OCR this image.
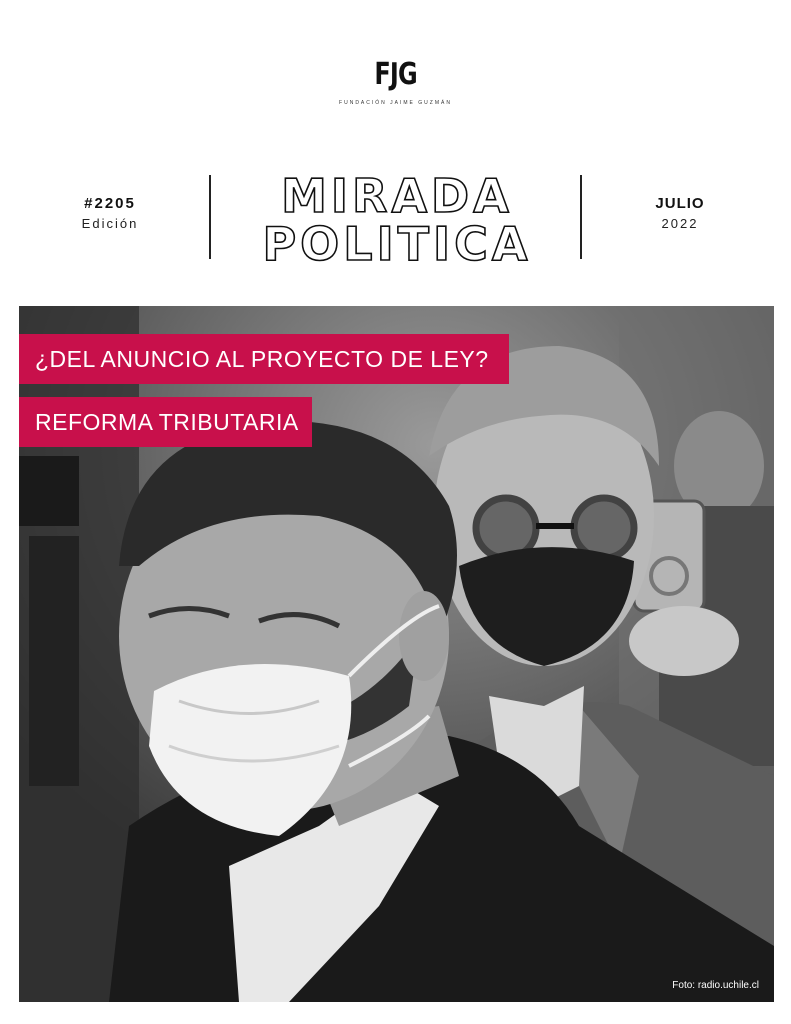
FJG
FUNDACIÓN JAIME GUZMÁN
#2205
Edición
MIRADA
POLITICA
JULIO
2022
¿DEL ANUNCIO AL PROYECTO DE LEY?
REFORMA TRIBUTARIA
Foto: radio.uchile.cl
